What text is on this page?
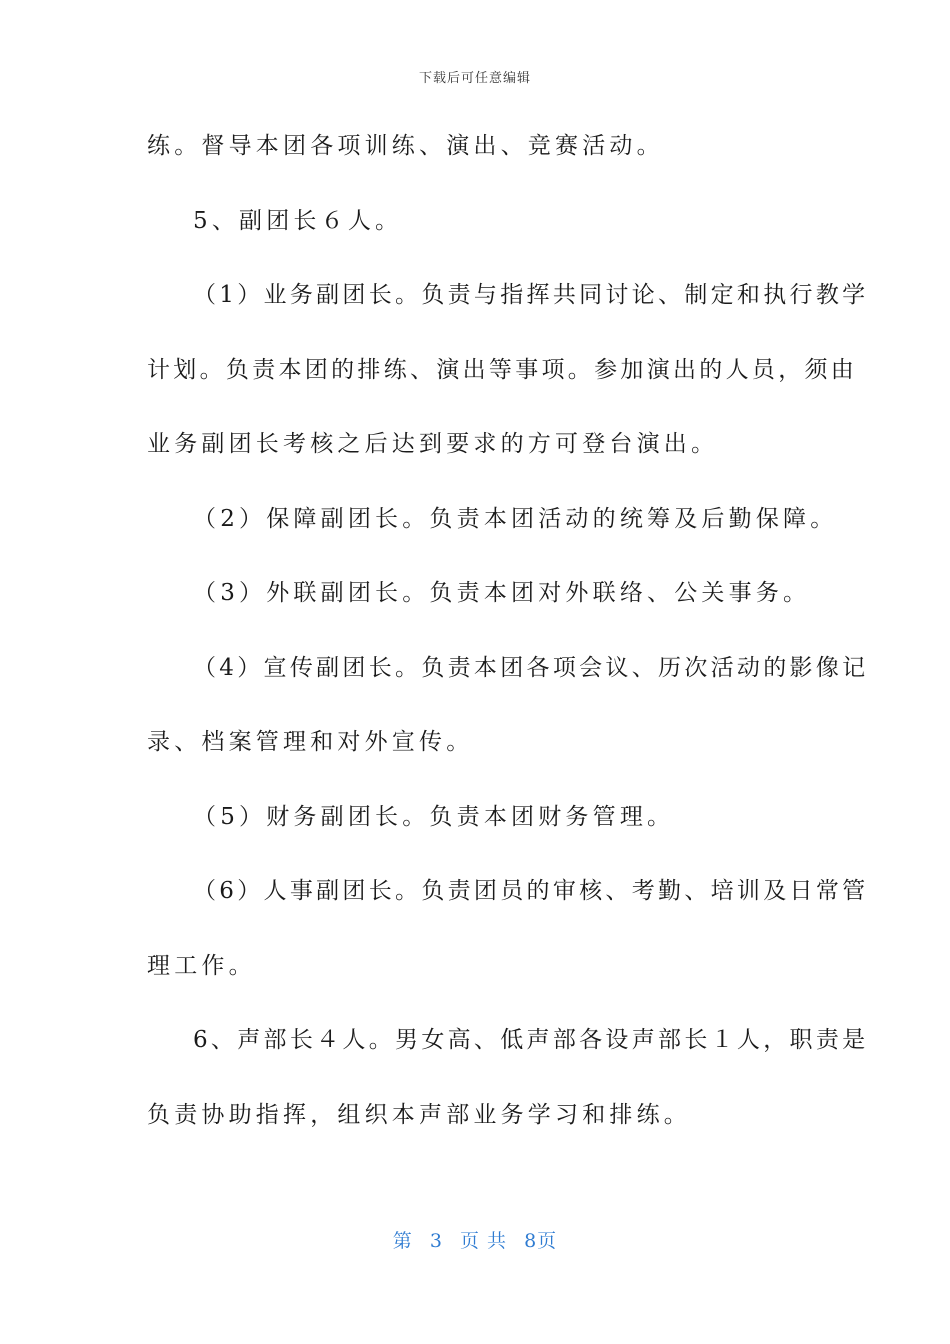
下载后可任意编辑
练。督导本团各项训练、演出、竞赛活动。
5、副团长６人。
（1）业务副团长。负责与指挥共同讨论、制定和执行教学
计划。负责本团的排练、演出等事项。参加演出的人员，须由
业务副团长考核之后达到要求的方可登台演出。
（2）保障副团长。负责本团活动的统筹及后勤保障。
（3）外联副团长。负责本团对外联络、公关事务。
（4）宣传副团长。负责本团各项会议、历次活动的影像记
录、档案管理和对外宣传。
（5）财务副团长。负责本团财务管理。
（6）人事副团长。负责团员的审核、考勤、培训及日常管
理工作。
6、声部长４人。男女高、低声部各设声部长１人，职责是
负责协助指挥，组织本声部业务学习和排练。
第 3 页 共 8页
